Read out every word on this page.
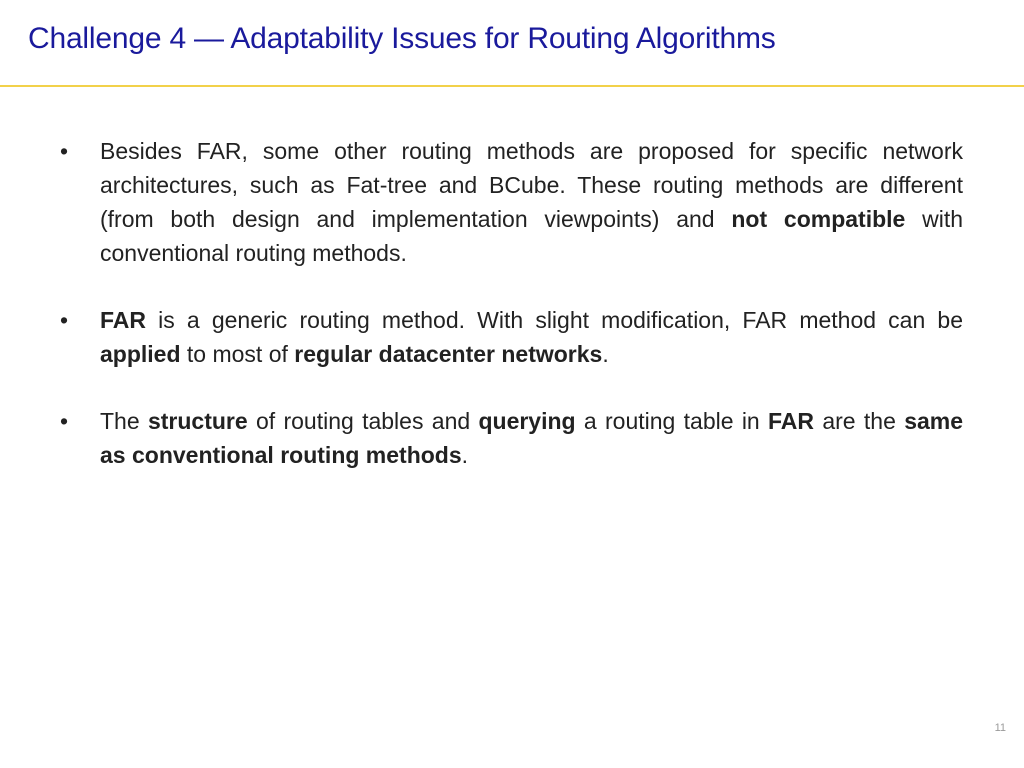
Challenge 4 — Adaptability Issues for Routing Algorithms
•	Besides FAR, some other routing methods are proposed for specific network architectures, such as Fat-tree and BCube. These routing methods are different (from both design and implementation viewpoints) and not compatible with conventional routing methods.
•	FAR is a generic routing method. With slight modification, FAR method can be applied to most of regular datacenter networks.
•	The structure of routing tables and querying a routing table in FAR are the same as conventional routing methods.
11
